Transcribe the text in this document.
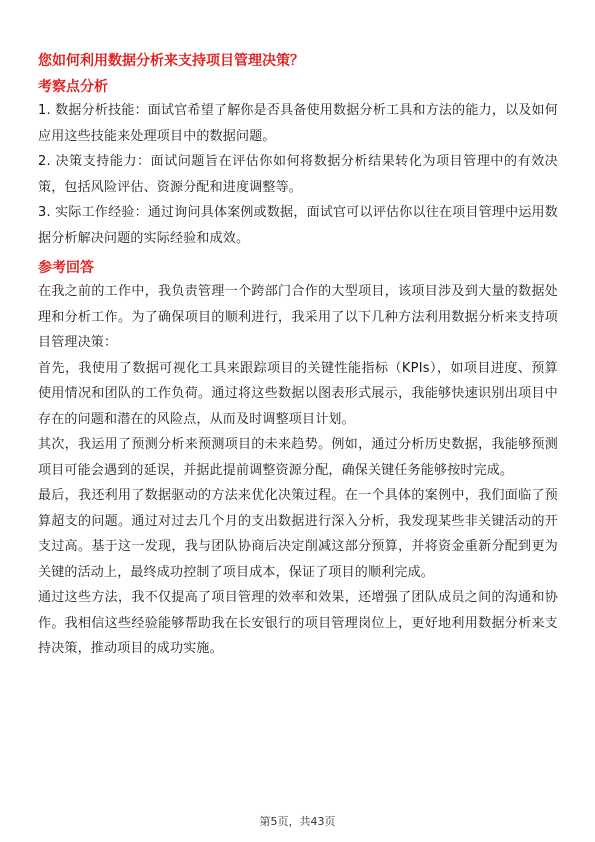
您如何利用数据分析来支持项目管理决策？

考察点分析

1. 数据分析技能：面试官希望了解你是否具备使用数据分析工具和方法的能力，以及如何应用这些技能来处理项目中的数据问题。

2. 决策支持能力：面试问题旨在评估你如何将数据分析结果转化为项目管理中的有效决策，包括风险评估、资源分配和进度调整等。

3. 实际工作经验：通过询问具体案例或数据，面试官可以评估你以往在项目管理中运用数据分析解决问题的实际经验和成效。

参考回答

在我之前的工作中，我负责管理一个跨部门合作的大型项目，该项目涉及到大量的数据处理和分析工作。为了确保项目的顺利进行，我采用了以下几种方法利用数据分析来支持项目管理决策：

首先，我使用了数据可视化工具来跟踪项目的关键性能指标（KPIs），如项目进度、预算使用情况和团队的工作负荷。通过将这些数据以图表形式展示，我能够快速识别出项目中存在的问题和潜在的风险点，从而及时调整项目计划。

其次，我运用了预测分析来预测项目的未来趋势。例如，通过分析历史数据，我能够预测项目可能会遇到的延误，并据此提前调整资源分配，确保关键任务能够按时完成。

最后，我还利用了数据驱动的方法来优化决策过程。在一个具体的案例中，我们面临了预算超支的问题。通过对过去几个月的支出数据进行深入分析，我发现某些非关键活动的开支过高。基于这一发现，我与团队协商后决定削减这部分预算，并将资金重新分配到更为关键的活动上，最终成功控制了项目成本，保证了项目的顺利完成。

通过这些方法，我不仅提高了项目管理的效率和效果，还增强了团队成员之间的沟通和协作。我相信这些经验能够帮助我在长安银行的项目管理岗位上，更好地利用数据分析来支持决策，推动项目的成功实施。

第5页，共43页
